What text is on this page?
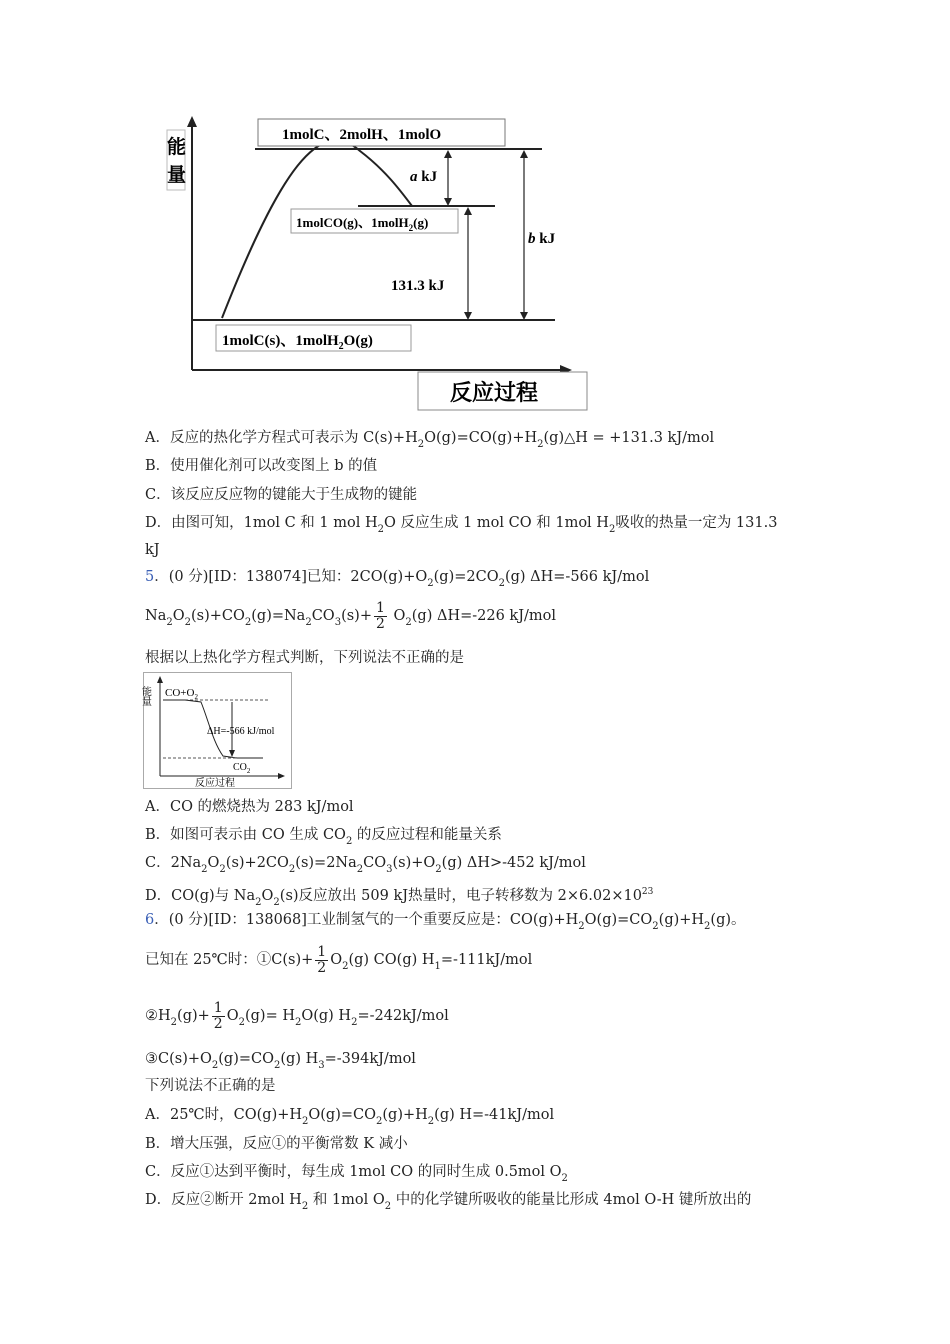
能
量
1molC、2molH、1molO
1molCO(g)、1molH$_2$(g)
1molC(s)、1molH$_2$O(g)
a kJ
b kJ
131.3 kJ
反应过程
A．反应的热化学方程式可表示为 $C(s)+H_2O(g)=CO(g)+H_2(g)\triangle H = +131.3$ kJ/mol
B．使用催化剂可以改变图上 b 的值
C．该反应反应物的键能大于生成物的键能
D．由图可知，1mol C 和 1 mol $H_2O$ 反应生成 1 mol CO 和 1mol $H_2$吸收的热量一定为 131.3
kJ
5．(0 分)[ID：138074]已知：$2CO(g)+O_2(g)=2CO_2(g)$ ΔH=-566 kJ/mol
$Na_2O_2(s)+CO_2(g)=Na_2CO_3(s)+ \frac{1}{2} O_2(g)$ ΔH=-226 kJ/mol
根据以上热化学方程式判断，下列说法不正确的是
能量 $CO+O_2$
ΔH=-566 kJ/mol
$CO_2$
反应过程
A．CO 的燃烧热为 283 kJ/mol
B．如图可表示由 CO 生成 $CO_2$ 的反应过程和能量关系
C．$2Na_2O_2(s)+2CO_2(s)=2Na_2CO_3(s)+O_2(g)$ ΔH>-452 kJ/mol
D．CO(g)与 $Na_2O_2(s)$反应放出 509 kJ热量时，电子转移数为 $2\times 6.02\times 10^{23}$
6．(0 分)[ID：138068]工业制氢气的一个重要反应是：$CO(g)+H_2O(g)=CO_2(g)+H_2(g)$。
已知在 25℃时：①C(s)+ $\frac{1}{2} O_2(g)$ CO(g) $H_1=-111kJ$/mol
$②H_2(g)+ \frac{1}{2} O_2(g)= H_2O(g)$ $H_2=-242kJ$/mol
$③C(s)+O_2(g)=CO_2(g)$ $H_3=-394kJ$/mol
下列说法不正确的是
A．25℃时，$CO(g)+H_2O(g)=CO_2(g)+H_2(g)$ H=-41kJ/mol
B．增大压强，反应①的平衡常数 K 减小
C．反应①达到平衡时，每生成 1mol CO 的同时生成 0.5mol $O_2$
D．反应②断开 2mol $H_2$ 和 1mol $O_2$ 中的化学键所吸收的能量比形成 4mol O-H 键所放出的
